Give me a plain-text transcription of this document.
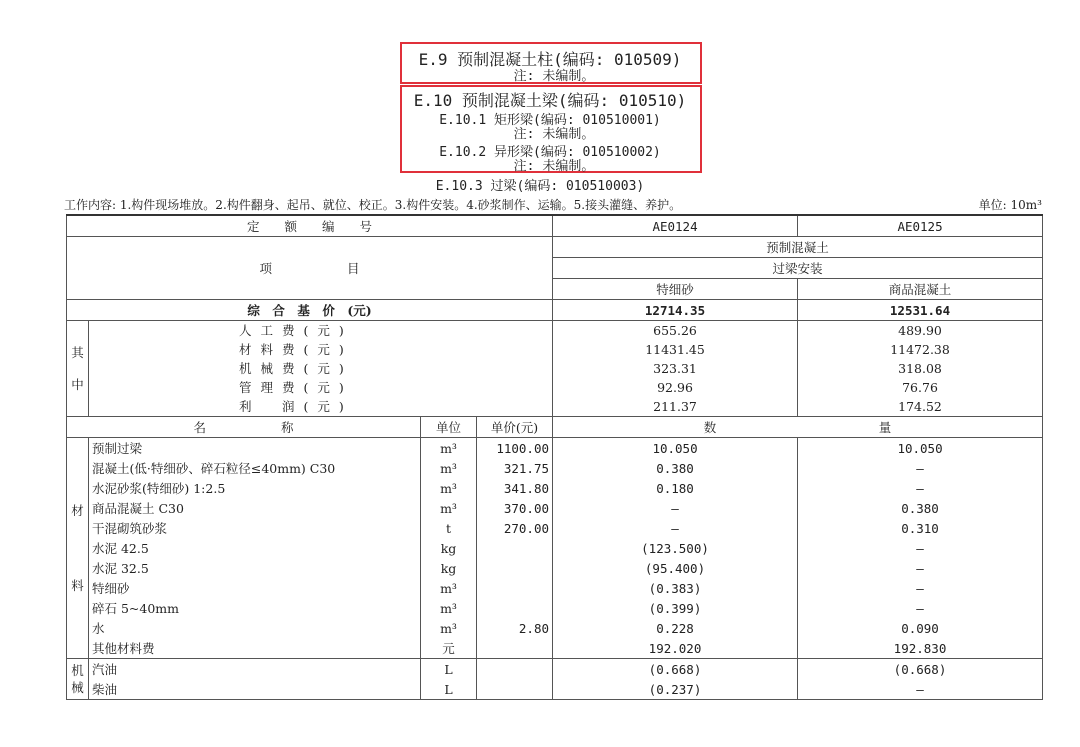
E.9 预制混凝土柱(编码: 010509)
注: 未编制。
E.10 预制混凝土梁(编码: 010510)
E.10.1 矩形梁(编码: 010510001)
注: 未编制。
E.10.2 异形梁(编码: 010510002)
注: 未编制。
E.10.3 过梁(编码: 010510003)
工作内容: 1.构件现场堆放。2.构件翻身、起吊、就位、校正。3.构件安装。4.砂浆制作、运输。5.接头灌缝、养护。	单位: 10m³
定　　额　　编　　号				AE0124	AE0125
项　　　　　　目				预制混凝土	
				过梁安装	
				特细砂	商品混凝土
综　合　基　价　(元)				12714.35	12531.64

其
中	人工费(元)			655.26	489.90
	材料费(元)			11431.45	11472.38
	机械费(元)			323.31	318.08
	管理费(元)			92.96	76.76
	利　润(元)			211.37	174.52
名　　　　　　称		单位	单价(元)	数　　　　　　　　　　　　　量	

材
料	预制过梁	m³	1100.00	10.050	10.050
	混凝土(低·特细砂、碎石粒径≤40mm) C30	m³	321.75	0.380	—
	水泥砂浆(特细砂) 1:2.5	m³	341.80	0.180	—
	商品混凝土 C30	m³	370.00	—	0.380
	干混砌筑砂浆	t	270.00	—	0.310
	水泥 42.5	kg		(123.500)	—
	水泥 32.5	kg		(95.400)	—
	特细砂	m³		(0.383)	—
	碎石 5~40mm	m³		(0.399)	—
	水	m³	2.80	0.228	0.090
	其他材料费	元		192.020	192.830

机
械	汽油	L		(0.668)	(0.668)
	柴油	L		(0.237)	—
